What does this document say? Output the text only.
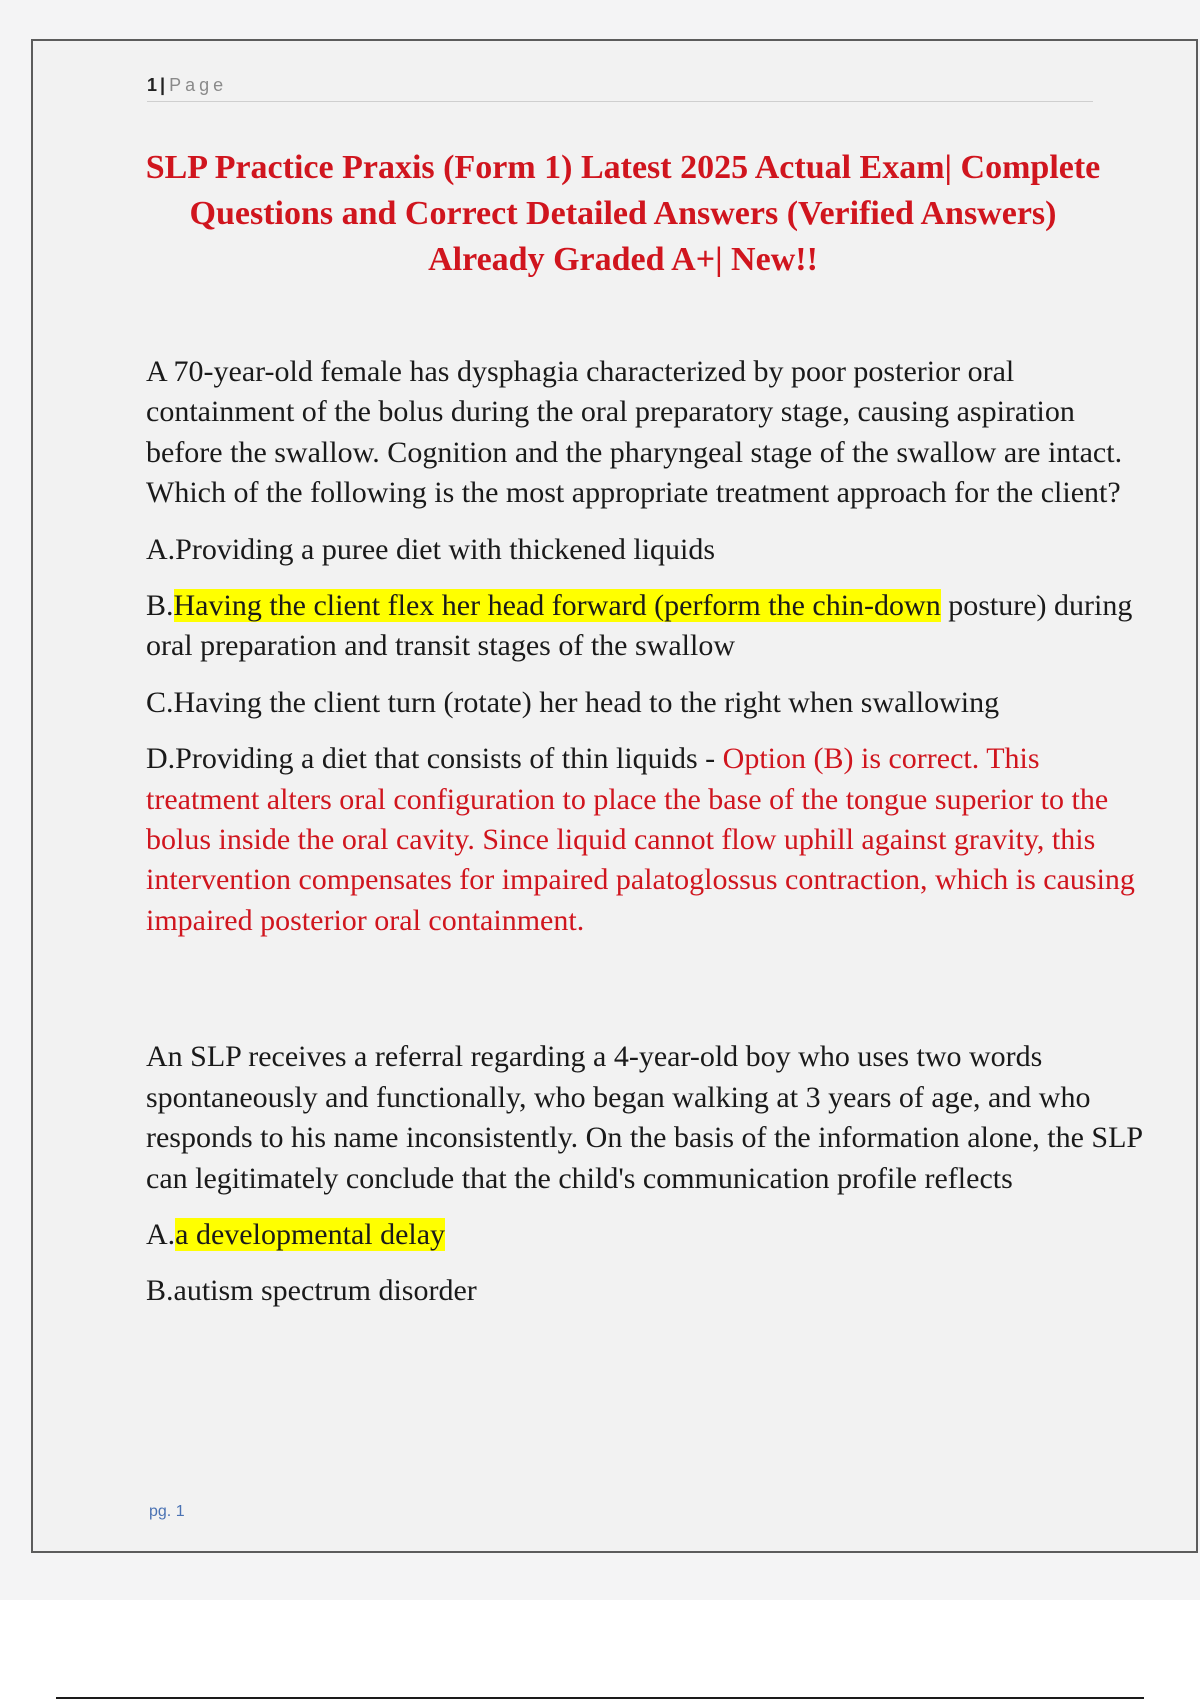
1 | Page
SLP Practice Praxis (Form 1) Latest 2025 Actual Exam| Complete Questions and Correct Detailed Answers (Verified Answers) Already Graded A+| New!!

A 70-year-old female has dysphagia characterized by poor posterior oral containment of the bolus during the oral preparatory stage, causing aspiration before the swallow. Cognition and the pharyngeal stage of the swallow are intact. Which of the following is the most appropriate treatment approach for the client?

A.Providing a puree diet with thickened liquids

B.Having the client flex her head forward (perform the chin-down posture) during oral preparation and transit stages of the swallow

C.Having the client turn (rotate) her head to the right when swallowing

D.Providing a diet that consists of thin liquids - Option (B) is correct. This treatment alters oral configuration to place the base of the tongue superior to the bolus inside the oral cavity. Since liquid cannot flow uphill against gravity, this intervention compensates for impaired palatoglossus contraction, which is causing impaired posterior oral containment.

An SLP receives a referral regarding a 4-year-old boy who uses two words spontaneously and functionally, who began walking at 3 years of age, and who responds to his name inconsistently. On the basis of the information alone, the SLP can legitimately conclude that the child's communication profile reflects

A.a developmental delay

B.autism spectrum disorder

pg. 1
